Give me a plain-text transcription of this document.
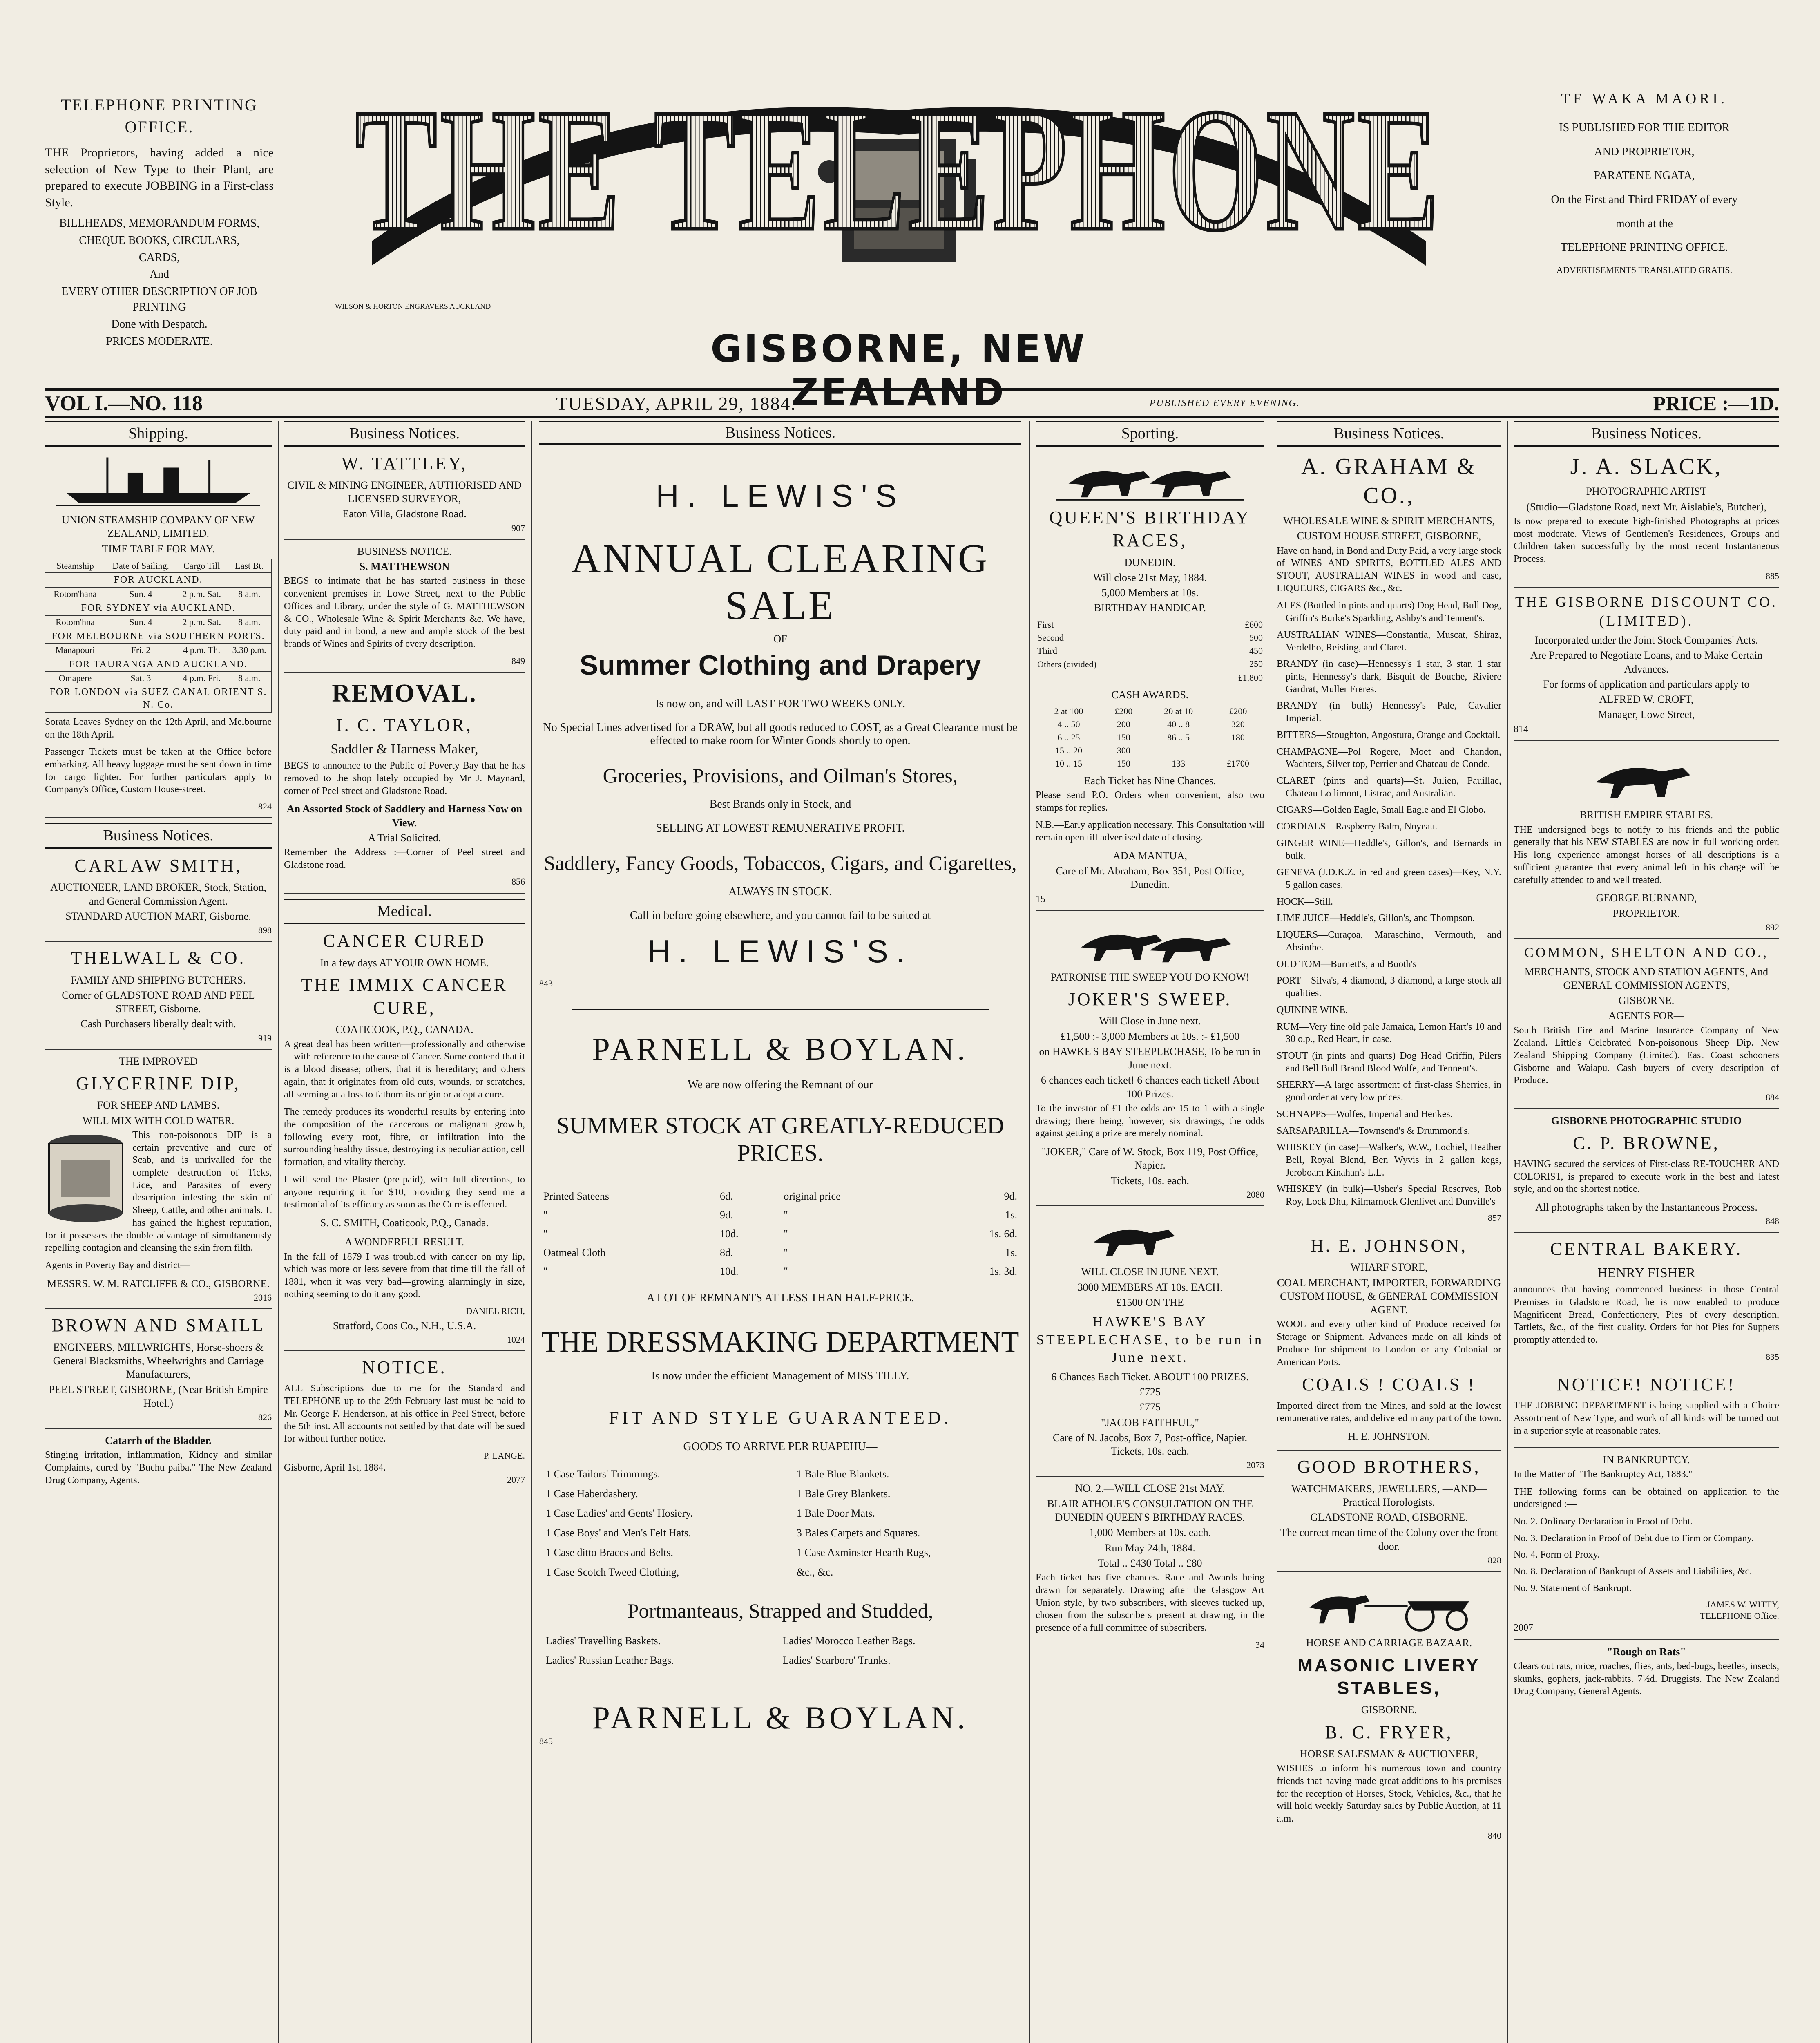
TELEPHONE PRINTING OFFICE.

THE Proprietors, having added a nice selection of New Type to their Plant, are prepared to execute JOBBING in a First-class Style.

BILLHEADS, MEMORANDUM FORMS,
CHEQUE BOOKS, CIRCULARS,
CARDS,
And
EVERY OTHER DESCRIPTION OF JOB PRINTING
Done with Despatch.
PRICES MODERATE.
THE TELEPHONE
WILSON & HORTON ENGRAVERS AUCKLAND
GISBORNE, NEW ZEALAND
TE WAKA MAORI.
IS PUBLISHED FOR THE EDITOR
AND PROPRIETOR,
PARATENE NGATA,
On the First and Third FRIDAY of every
month at the
TELEPHONE PRINTING OFFICE.
ADVERTISEMENTS TRANSLATED GRATIS.
VOL I.—NO. 118	TUESDAY, APRIL 29, 1884.	PUBLISHED EVERY EVENING.	PRICE :—1D.
Shipping.
UNION STEAMSHIP COMPANY OF NEW ZEALAND, LIMITED.
TIME TABLE FOR MAY.
Steamship	Date of Sailing.	Cargo Till	Last Bt.
FOR AUCKLAND.			
Rotom'hana	Sun. 4	2 p.m. Sat.	8 a.m.
FOR SYDNEY via AUCKLAND.			
Rotom'hna	Sun. 4	2 p.m. Sat.	8 a.m.
FOR MELBOURNE via SOUTHERN PORTS.			
Manapouri	Fri. 2	4 p.m. Th.	3.30 p.m.
FOR TAURANGA AND AUCKLAND.			
Omapere	Sat. 3	4 p.m. Fri.	8 a.m.
FOR LONDON via SUEZ CANAL ORIENT S. N. Co.			

Sorata Leaves Sydney on the 12th April, and Melbourne on the 18th April.

Passenger Tickets must be taken at the Office before embarking. All heavy luggage must be sent down in time for cargo lighter. For further particulars apply to Company's Office, Custom House-street.

824
Business Notices.
CARLAW SMITH,
AUCTIONEER, LAND BROKER, Stock, Station, and General Commission Agent.
STANDARD AUCTION MART, Gisborne.
898
THELWALL & CO.
FAMILY AND SHIPPING BUTCHERS.
Corner of GLADSTONE ROAD AND PEEL STREET, Gisborne.
Cash Purchasers liberally dealt with.
919
THE IMPROVED
GLYCERINE DIP,
FOR SHEEP AND LAMBS.
WILL MIX WITH COLD WATER.

This non-poisonous DIP is a certain preventive and cure of Scab, and is unrivalled for the complete destruction of Ticks, Lice, and Parasites of every description infesting the skin of Sheep, Cattle, and other animals. It has gained the highest reputation, for it possesses the double advantage of simultaneously repelling contagion and cleansing the skin from filth.

Agents in Poverty Bay and district—

MESSRS. W. M. RATCLIFFE & CO., GISBORNE.
2016
BROWN AND SMAILL
ENGINEERS, MILLWRIGHTS, Horse-shoers & General Blacksmiths, Wheelwrights and Carriage Manufacturers,
PEEL STREET, GISBORNE, (Near British Empire Hotel.)
826
Catarrh of the Bladder.

Stinging irritation, inflammation, Kidney and similar Complaints, cured by "Buchu paiba." The New Zealand Drug Company, Agents.

Business Notices.
W. TATTLEY,
CIVIL & MINING ENGINEER, AUTHORISED AND LICENSED SURVEYOR,
Eaton Villa, Gladstone Road.
907
BUSINESS NOTICE.
S. MATTHEWSON

BEGS to intimate that he has started business in those convenient premises in Lowe Street, next to the Public Offices and Library, under the style of G. MATTHEWSON & CO., Wholesale Wine & Spirit Merchants &c. We have, duty paid and in bond, a new and ample stock of the best brands of Wines and Spirits of every description.

849
REMOVAL.
I. C. TAYLOR,
Saddler & Harness Maker,

BEGS to announce to the Public of Poverty Bay that he has removed to the shop lately occupied by Mr J. Maynard, corner of Peel street and Gladstone Road.

An Assorted Stock of Saddlery and Harness Now on View.
A Trial Solicited.

Remember the Address :—Corner of Peel street and Gladstone road.

856
Medical.
CANCER CURED
In a few days AT YOUR OWN HOME.
THE IMMIX CANCER CURE,
COATICOOK, P.Q., CANADA.

A great deal has been written—professionally and otherwise—with reference to the cause of Cancer. Some contend that it is a blood disease; others, that it is hereditary; and others again, that it originates from old cuts, wounds, or scratches, all seeming at a loss to fathom its origin or adopt a cure.

The remedy produces its wonderful results by entering into the composition of the cancerous or malignant growth, following every root, fibre, or infiltration into the surrounding healthy tissue, destroying its peculiar action, cell formation, and vitality thereby.

I will send the Plaster (pre-paid), with full directions, to anyone requiring it for $10, providing they send me a testimonial of its efficacy as soon as the Cure is effected.

S. C. SMITH, Coaticook, P.Q., Canada.
A WONDERFUL RESULT.

In the fall of 1879 I was troubled with cancer on my lip, which was more or less severe from that time till the fall of 1881, when it was very bad—growing alarmingly in size, nothing seeming to do it any good.

DANIEL RICH,
Stratford, Coos Co., N.H., U.S.A.
1024
NOTICE.

ALL Subscriptions due to me for the Standard and TELEPHONE up to the 29th February last must be paid to Mr. George F. Henderson, at his office in Peel Street, before the 5th inst. All accounts not settled by that date will be sued for without further notice.

P. LANGE.
Gisborne, April 1st, 1884.
2077
Business Notices.
H. LEWIS'S
ANNUAL CLEARING SALE
OF
Summer Clothing and Drapery
Is now on, and will LAST FOR TWO WEEKS ONLY.
No Special Lines advertised for a DRAW, but all goods reduced to COST, as a Great Clearance must be effected to make room for Winter Goods shortly to open.
Groceries, Provisions, and Oilman's Stores,
Best Brands only in Stock, and
SELLING AT LOWEST REMUNERATIVE PROFIT.
Saddlery, Fancy Goods, Tobaccos, Cigars, and Cigarettes,
ALWAYS IN STOCK.
Call in before going elsewhere, and you cannot fail to be suited at
H. LEWIS'S.
843
PARNELL & BOYLAN.
We are now offering the Remnant of our
SUMMER STOCK AT GREATLY-REDUCED PRICES.
Printed Sateens	6d.	original price	9d.
"	9d.	"	1s.
"	10d.	"	1s. 6d.
Oatmeal Cloth	8d.	"	1s.
"	10d.	"	1s. 3d.
A LOT OF REMNANTS AT LESS THAN HALF-PRICE.
THE DRESSMAKING DEPARTMENT
Is now under the efficient Management of MISS TILLY.
FIT AND STYLE GUARANTEED.
GOODS TO ARRIVE PER RUAPEHU—
1 Case Tailors' Trimmings.	1 Bale Blue Blankets.
1 Case Haberdashery.	1 Bale Grey Blankets.
1 Case Ladies' and Gents' Hosiery.	1 Bale Door Mats.
1 Case Boys' and Men's Felt Hats.	3 Bales Carpets and Squares.
1 Case ditto Braces and Belts.	1 Case Axminster Hearth Rugs,
1 Case Scotch Tweed Clothing,	&c., &c.
Portmanteaus, Strapped and Studded,
Ladies' Travelling Baskets.	Ladies' Morocco Leather Bags.
Ladies' Russian Leather Bags.	Ladies' Scarboro' Trunks.
PARNELL & BOYLAN.
845
Sporting.
QUEEN'S BIRTHDAY RACES,
DUNEDIN.
Will close 21st May, 1884.
5,000 Members at 10s.
BIRTHDAY HANDICAP.
First	£600
Second	500
Third	450
Others (divided)	250
	£1,800
CASH AWARDS.
2 at 100	£200	20 at 10	£200
4 .. 50	200	40 .. 8	320
6 .. 25	150	86 .. 5	180
15 .. 20	300		
10 .. 15	150	133	£1700
Each Ticket has Nine Chances.

Please send P.O. Orders when convenient, also two stamps for replies.

N.B.—Early application necessary. This Consultation will remain open till advertised date of closing.

ADA MANTUA,
Care of Mr. Abraham, Box 351, Post Office, Dunedin.
15
PATRONISE THE SWEEP YOU DO KNOW!
JOKER'S SWEEP.
Will Close in June next.
£1,500 :- 3,000 Members at 10s. :- £1,500
on HAWKE'S BAY STEEPLECHASE, To be run in June next.
6 chances each ticket! 6 chances each ticket! About 100 Prizes.

To the investor of £1 the odds are 15 to 1 with a single drawing; there being, however, six drawings, the odds against getting a prize are merely nominal.

"JOKER," Care of W. Stock, Box 119, Post Office, Napier.
Tickets, 10s. each.
2080
WILL CLOSE IN JUNE NEXT.
3000 MEMBERS AT 10s. EACH.
£1500 ON THE
HAWKE'S BAY STEEPLECHASE, to be run in June next.
6 Chances Each Ticket. ABOUT 100 PRIZES.
£725
£775
"JACOB FAITHFUL,"
Care of N. Jacobs, Box 7, Post-office, Napier. Tickets, 10s. each.
2073
NO. 2.—WILL CLOSE 21st MAY.
BLAIR ATHOLE'S CONSULTATION ON THE DUNEDIN QUEEN'S BIRTHDAY RACES.
1,000 Members at 10s. each.
Run May 24th, 1884.
Total .. £430 Total .. £80

Each ticket has five chances. Race and Awards being drawn for separately. Drawing after the Glasgow Art Union style, by two subscribers, with sleeves tucked up, chosen from the subscribers present at drawing, in the presence of a full committee of subscribers.

34
Business Notices.
A. GRAHAM & CO.,
WHOLESALE WINE & SPIRIT MERCHANTS,
CUSTOM HOUSE STREET, GISBORNE,

Have on hand, in Bond and Duty Paid, a very large stock of WINES AND SPIRITS, BOTTLED ALES AND STOUT, AUSTRALIAN WINES in wood and case, LIQUEURS, CIGARS &c., &c.

ALES (Bottled in pints and quarts) Dog Head, Bull Dog, Griffin's Burke's Sparkling, Ashby's and Tennent's.

AUSTRALIAN WINES—Constantia, Muscat, Shiraz, Verdelho, Reisling, and Claret.

BRANDY (in case)—Hennessy's 1 star, 3 star, 1 star pints, Hennessy's dark, Bisquit de Bouche, Riviere Gardrat, Muller Freres.

BRANDY (in bulk)—Hennessy's Pale, Cavalier Imperial.

BITTERS—Stoughton, Angostura, Orange and Cocktail.

CHAMPAGNE—Pol Rogere, Moet and Chandon, Wachters, Silver top, Perrier and Chateau de Conde.

CLARET (pints and quarts)—St. Julien, Pauillac, Chateau Lo limont, Listrac, and Australian.

CIGARS—Golden Eagle, Small Eagle and El Globo.

CORDIALS—Raspberry Balm, Noyeau.

GINGER WINE—Heddle's, Gillon's, and Bernards in bulk.

GENEVA (J.D.K.Z. in red and green cases)—Key, N.Y. 5 gallon cases.

HOCK—Still.

LIME JUICE—Heddle's, Gillon's, and Thompson.

LIQUERS—Curaçoa, Maraschino, Vermouth, and Absinthe.

OLD TOM—Burnett's, and Booth's

PORT—Silva's, 4 diamond, 3 diamond, a large stock all qualities.

QUININE WINE.

RUM—Very fine old pale Jamaica, Lemon Hart's 10 and 30 o.p., Red Heart, in case.

STOUT (in pints and quarts) Dog Head Griffin, Pilers and Bell Bull Brand Blood Wolfe, and Tennent's.

SHERRY—A large assortment of first-class Sherries, in good order at very low prices.

SCHNAPPS—Wolfes, Imperial and Henkes.

SARSAPARILLA—Townsend's & Drummond's.

WHISKEY (in case)—Walker's, W.W., Lochiel, Heather Bell, Royal Blend, Ben Wyvis in 2 gallon kegs, Jeroboam Kinahan's L.L.

WHISKEY (in bulk)—Usher's Special Reserves, Rob Roy, Lock Dhu, Kilmarnock Glenlivet and Dunville's

857
H. E. JOHNSON,
WHARF STORE,
COAL MERCHANT, IMPORTER, FORWARDING CUSTOM HOUSE, & GENERAL COMMISSION AGENT.

WOOL and every other kind of Produce received for Storage or Shipment. Advances made on all kinds of Produce for shipment to London or any Colonial or American Ports.

COALS ! COALS !

Imported direct from the Mines, and sold at the lowest remunerative rates, and delivered in any part of the town.

H. E. JOHNSTON.
GOOD BROTHERS,
WATCHMAKERS, JEWELLERS, —AND— Practical Horologists,
GLADSTONE ROAD, GISBORNE.
The correct mean time of the Colony over the front door.
828
HORSE AND CARRIAGE BAZAAR.
MASONIC LIVERY STABLES,
GISBORNE.
B. C. FRYER,
HORSE SALESMAN & AUCTIONEER,

WISHES to inform his numerous town and country friends that having made great additions to his premises for the reception of Horses, Stock, Vehicles, &c., that he will hold weekly Saturday sales by Public Auction, at 11 a.m.

840
Business Notices.
J. A. SLACK,
PHOTOGRAPHIC ARTIST
(Studio—Gladstone Road, next Mr. Aislabie's, Butcher),

Is now prepared to execute high-finished Photographs at prices most moderate. Views of Gentlemen's Residences, Groups and Children taken successfully by the most recent Instantaneous Process.

885
THE GISBORNE DISCOUNT CO. (LIMITED).
Incorporated under the Joint Stock Companies' Acts.
Are Prepared to Negotiate Loans, and to Make Certain Advances.
For forms of application and particulars apply to
ALFRED W. CROFT,
Manager, Lowe Street,
814
BRITISH EMPIRE STABLES.

THE undersigned begs to notify to his friends and the public generally that his NEW STABLES are now in full working order. His long experience amongst horses of all descriptions is a sufficient guarantee that every animal left in his charge will be carefully attended to and well treated.

GEORGE BURNAND,
PROPRIETOR.
892
COMMON, SHELTON AND CO.,
MERCHANTS, STOCK AND STATION AGENTS, And GENERAL COMMISSION AGENTS,
GISBORNE.
AGENTS FOR—

South British Fire and Marine Insurance Company of New Zealand. Little's Celebrated Non-poisonous Sheep Dip. New Zealand Shipping Company (Limited). East Coast schooners Gisborne and Waiapu. Cash buyers of every description of Produce.

884
GISBORNE PHOTOGRAPHIC STUDIO
C. P. BROWNE,

HAVING secured the services of First-class RE-TOUCHER AND COLORIST, is prepared to execute work in the best and latest style, and on the shortest notice.

All photographs taken by the Instantaneous Process.
848
CENTRAL BAKERY.
HENRY FISHER

announces that having commenced business in those Central Premises in Gladstone Road, he is now enabled to produce Magnificent Bread, Confectionery, Pies of every description, Tartlets, &c., of the first quality. Orders for hot Pies for Suppers promptly attended to.

835
NOTICE! NOTICE!

THE JOBBING DEPARTMENT is being supplied with a Choice Assortment of New Type, and work of all kinds will be turned out in a superior style at reasonable rates.

IN BANKRUPTCY.

In the Matter of "The Bankruptcy Act, 1883."

THE following forms can be obtained on application to the undersigned :—

No. 2. Ordinary Declaration in Proof of Debt.

No. 3. Declaration in Proof of Debt due to Firm or Company.

No. 4. Form of Proxy.

No. 8. Declaration of Bankrupt of Assets and Liabilities, &c.

No. 9. Statement of Bankrupt.

JAMES W. WITTY,
TELEPHONE Office.
2007
"Rough on Rats"

Clears out rats, mice, roaches, flies, ants, bed-bugs, beetles, insects, skunks, gophers, jack-rabbits. 7½d. Druggists. The New Zealand Drug Company, General Agents.
